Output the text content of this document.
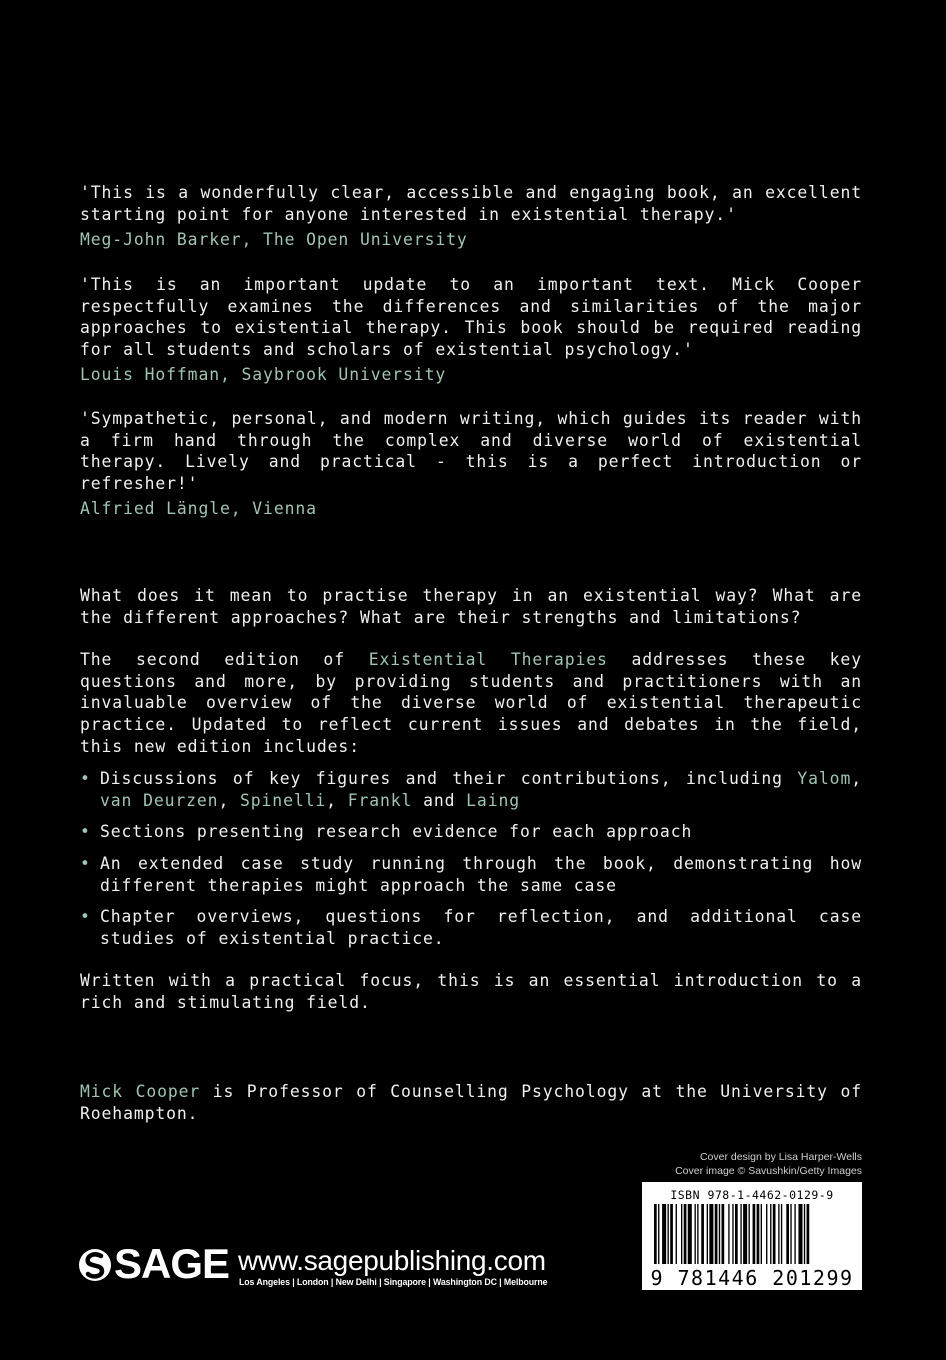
'This is a wonderfully clear, accessible and engaging book, an excellent starting point for anyone interested in existential therapy.'

Meg-John Barker, The Open University

'This is an important update to an important text. Mick Cooper respectfully examines the differences and similarities of the major approaches to existential therapy. This book should be required reading for all students and scholars of existential psychology.'

Louis Hoffman, Saybrook University

'Sympathetic, personal, and modern writing, which guides its reader with a firm hand through the complex and diverse world of existential therapy. Lively and practical - this is a perfect introduction or refresher!'

Alfried Längle, Vienna

What does it mean to practise therapy in an existential way? What are the different approaches? What are their strengths and limitations?

The second edition of Existential Therapies addresses these key questions and more, by providing students and practitioners with an invaluable overview of the diverse world of existential therapeutic practice. Updated to reflect current issues and debates in the field, this new edition includes:

• Discussions of key figures and their contributions, including Yalom, van Deurzen, Spinelli, Frankl and Laing
• Sections presenting research evidence for each approach
• An extended case study running through the book, demonstrating how different therapies might approach the same case
• Chapter overviews, questions for reflection, and additional case studies of existential practice.

Written with a practical focus, this is an essential introduction to a rich and stimulating field.

Mick Cooper is Professor of Counselling Psychology at the University of Roehampton.

Cover design by Lisa Harper-Wells
Cover image © Savushkin/Getty Images
ISBN 978-1-4462-0129-9
9 781446 201299
SAGE www.sagepublishing.com
Los Angeles | London | New Delhi | Singapore | Washington DC | Melbourne
